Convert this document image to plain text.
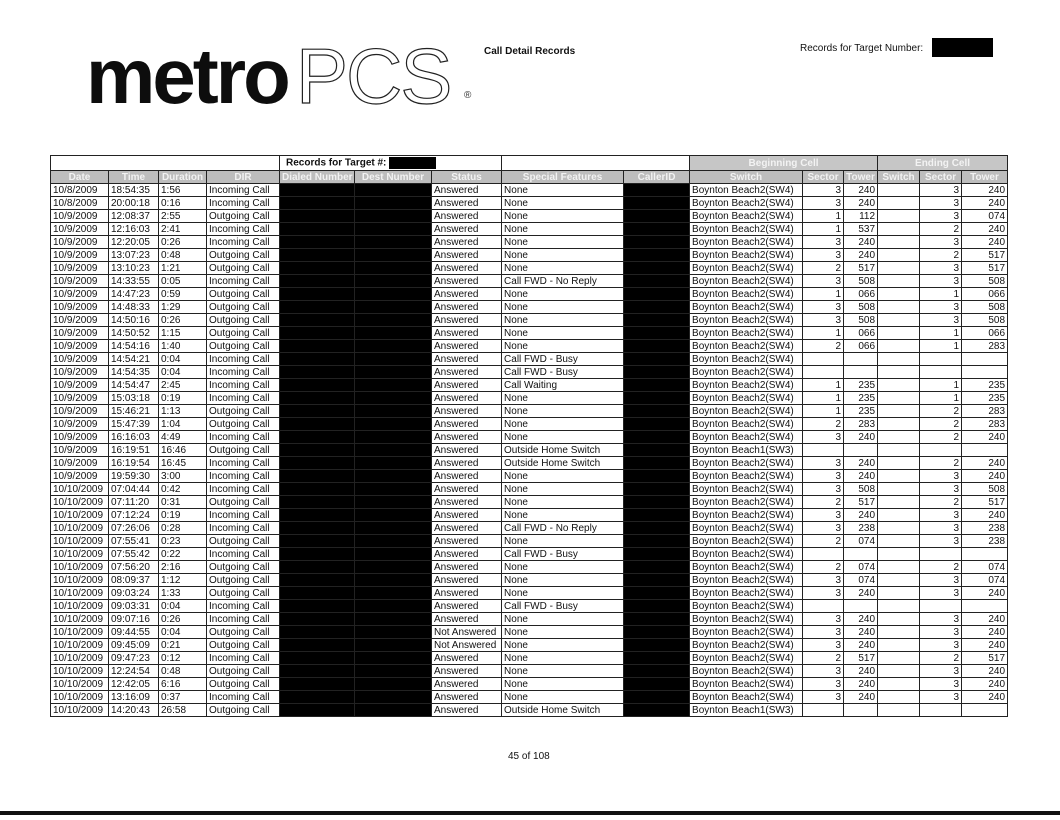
metro PCS ®
Call Detail Records	Records for Target Number:
				Records for Target #:					Beginning Cell			Ending Cell		
Date	Time	Duration	DIR	Dialed Number	Dest Number	Status	Special Features	CallerID	Switch	Sector	Tower	Switch	Sector	Tower
10/8/2009	18:54:35	1:56	Incoming Call			Answered	None		Boynton Beach2(SW4)	3	240		3	240
10/8/2009	20:00:18	0:16	Incoming Call			Answered	None		Boynton Beach2(SW4)	3	240		3	240
10/9/2009	12:08:37	2:55	Outgoing Call			Answered	None		Boynton Beach2(SW4)	1	112		3	074
10/9/2009	12:16:03	2:41	Incoming Call			Answered	None		Boynton Beach2(SW4)	1	537		2	240
10/9/2009	12:20:05	0:26	Incoming Call			Answered	None		Boynton Beach2(SW4)	3	240		3	240
10/9/2009	13:07:23	0:48	Outgoing Call			Answered	None		Boynton Beach2(SW4)	3	240		2	517
10/9/2009	13:10:23	1:21	Outgoing Call			Answered	None		Boynton Beach2(SW4)	2	517		3	517
10/9/2009	14:33:55	0:05	Incoming Call			Answered	Call FWD - No Reply		Boynton Beach2(SW4)	3	508		3	508
10/9/2009	14:47:23	0:59	Outgoing Call			Answered	None		Boynton Beach2(SW4)	1	066		1	066
10/9/2009	14:48:33	1:29	Outgoing Call			Answered	None		Boynton Beach2(SW4)	3	508		3	508
10/9/2009	14:50:16	0:26	Outgoing Call			Answered	None		Boynton Beach2(SW4)	3	508		3	508
10/9/2009	14:50:52	1:15	Outgoing Call			Answered	None		Boynton Beach2(SW4)	1	066		1	066
10/9/2009	14:54:16	1:40	Outgoing Call			Answered	None		Boynton Beach2(SW4)	2	066		1	283
10/9/2009	14:54:21	0:04	Incoming Call			Answered	Call FWD - Busy		Boynton Beach2(SW4)					
10/9/2009	14:54:35	0:04	Incoming Call			Answered	Call FWD - Busy		Boynton Beach2(SW4)					
10/9/2009	14:54:47	2:45	Incoming Call			Answered	Call Waiting		Boynton Beach2(SW4)	1	235		1	235
10/9/2009	15:03:18	0:19	Incoming Call			Answered	None		Boynton Beach2(SW4)	1	235		1	235
10/9/2009	15:46:21	1:13	Outgoing Call			Answered	None		Boynton Beach2(SW4)	1	235		2	283
10/9/2009	15:47:39	1:04	Outgoing Call			Answered	None		Boynton Beach2(SW4)	2	283		2	283
10/9/2009	16:16:03	4:49	Incoming Call			Answered	None		Boynton Beach2(SW4)	3	240		2	240
10/9/2009	16:19:51	16:46	Outgoing Call			Answered	Outside Home Switch		Boynton Beach1(SW3)					
10/9/2009	16:19:54	16:45	Incoming Call			Answered	Outside Home Switch		Boynton Beach2(SW4)	3	240		2	240
10/9/2009	19:59:30	3:00	Incoming Call			Answered	None		Boynton Beach2(SW4)	3	240		3	240
10/10/2009	07:04:44	0:42	Incoming Call			Answered	None		Boynton Beach2(SW4)	3	508		3	508
10/10/2009	07:11:20	0:31	Outgoing Call			Answered	None		Boynton Beach2(SW4)	2	517		2	517
10/10/2009	07:12:24	0:19	Incoming Call			Answered	None		Boynton Beach2(SW4)	3	240		3	240
10/10/2009	07:26:06	0:28	Incoming Call			Answered	Call FWD - No Reply		Boynton Beach2(SW4)	3	238		3	238
10/10/2009	07:55:41	0:23	Outgoing Call			Answered	None		Boynton Beach2(SW4)	2	074		3	238
10/10/2009	07:55:42	0:22	Incoming Call			Answered	Call FWD - Busy		Boynton Beach2(SW4)					
10/10/2009	07:56:20	2:16	Outgoing Call			Answered	None		Boynton Beach2(SW4)	2	074		2	074
10/10/2009	08:09:37	1:12	Outgoing Call			Answered	None		Boynton Beach2(SW4)	3	074		3	074
10/10/2009	09:03:24	1:33	Outgoing Call			Answered	None		Boynton Beach2(SW4)	3	240		3	240
10/10/2009	09:03:31	0:04	Incoming Call			Answered	Call FWD - Busy		Boynton Beach2(SW4)					
10/10/2009	09:07:16	0:26	Incoming Call			Answered	None		Boynton Beach2(SW4)	3	240		3	240
10/10/2009	09:44:55	0:04	Outgoing Call			Not Answered	None		Boynton Beach2(SW4)	3	240		3	240
10/10/2009	09:45:09	0:21	Outgoing Call			Not Answered	None		Boynton Beach2(SW4)	3	240		3	240
10/10/2009	09:47:23	0:12	Incoming Call			Answered	None		Boynton Beach2(SW4)	2	517		2	517
10/10/2009	12:24:54	0:48	Outgoing Call			Answered	None		Boynton Beach2(SW4)	3	240		3	240
10/10/2009	12:42:05	6:16	Outgoing Call			Answered	None		Boynton Beach2(SW4)	3	240		3	240
10/10/2009	13:16:09	0:37	Incoming Call			Answered	None		Boynton Beach2(SW4)	3	240		3	240
10/10/2009	14:20:43	26:58	Outgoing Call			Answered	Outside Home Switch		Boynton Beach1(SW3)					
45 of 108
